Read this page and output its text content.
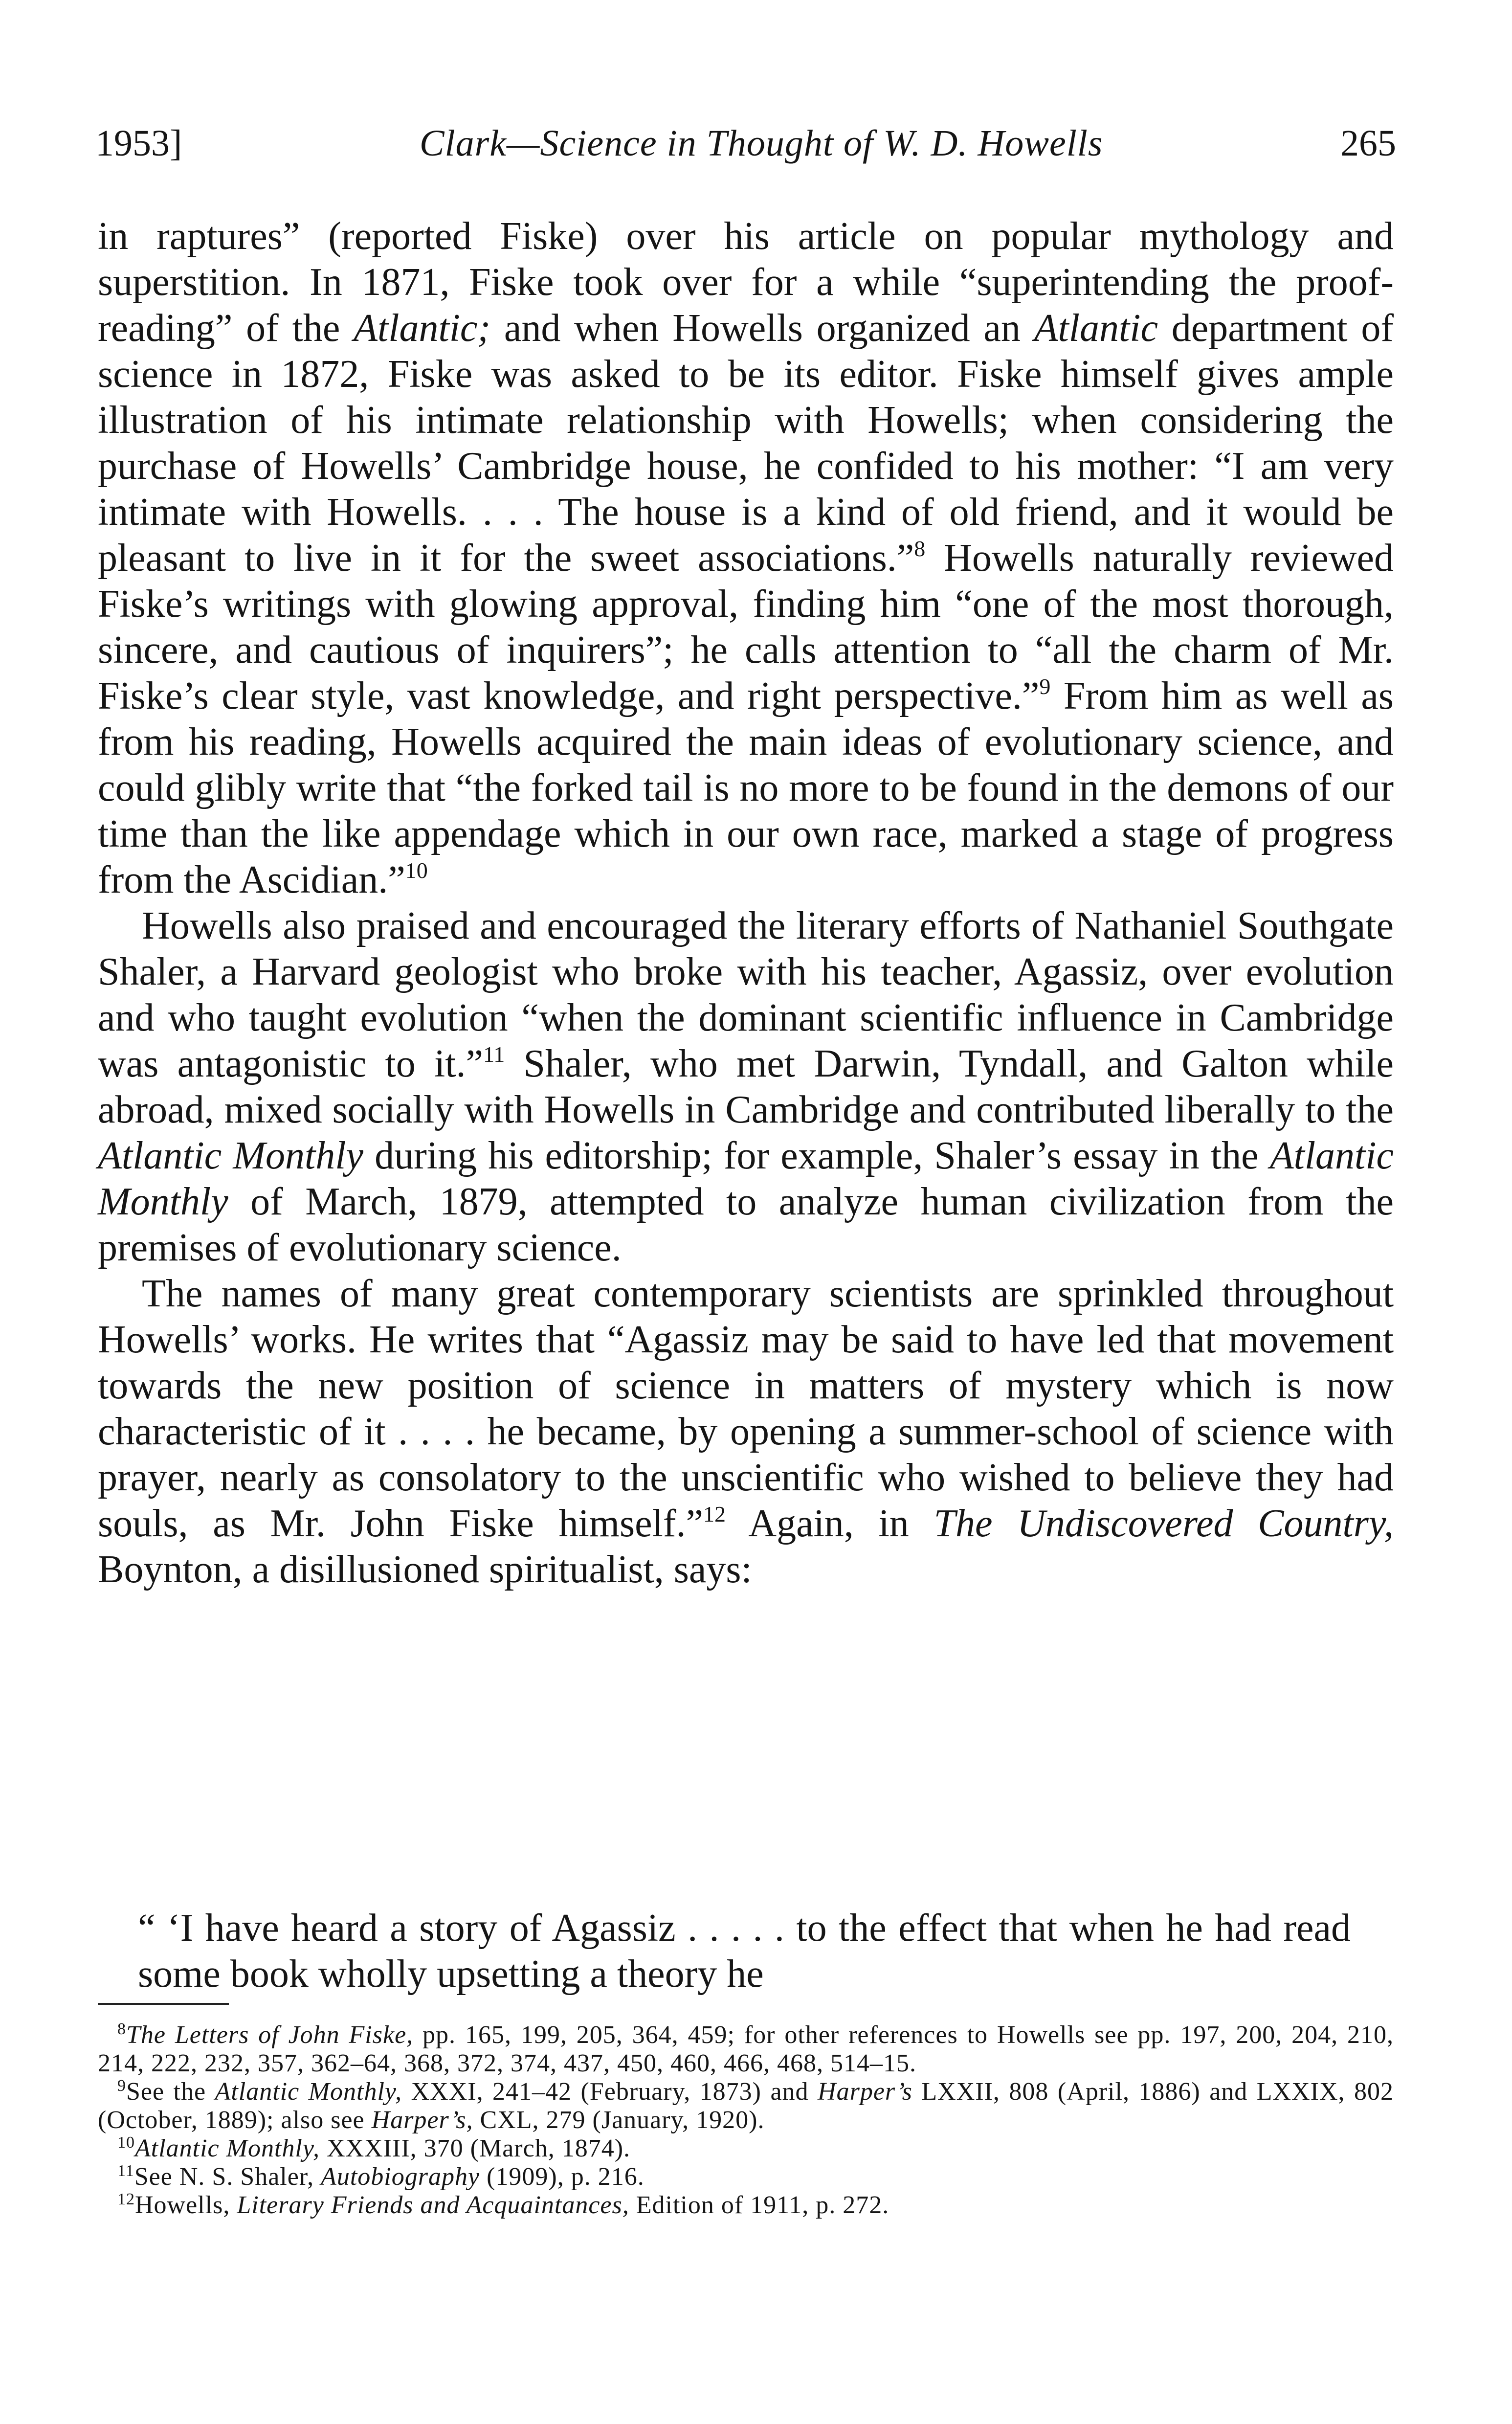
1953]	Clark—Science in Thought of W. D. Howells	265

in raptures” (reported Fiske) over his article on popular mythology and superstition. In 1871, Fiske took over for a while “superintending the proof-reading” of the Atlantic; and when Howells organized an Atlantic department of science in 1872, Fiske was asked to be its editor. Fiske himself gives ample illustration of his intimate relationship with Howells; when considering the purchase of Howells’ Cambridge house, he confided to his mother: “I am very intimate with Howells. . . . The house is a kind of old friend, and it would be pleasant to live in it for the sweet associations.”$^8$ Howells naturally reviewed Fiske’s writings with glowing approval, finding him “one of the most thorough, sincere, and cautious of inquirers”; he calls attention to “all the charm of Mr. Fiske’s clear style, vast knowledge, and right perspective.”$^9$ From him as well as from his reading, Howells acquired the main ideas of evolutionary science, and could glibly write that “the forked tail is no more to be found in the demons of our time than the like appendage which in our own race, marked a stage of progress from the Ascidian.”$^{10}$

Howells also praised and encouraged the literary efforts of Nathaniel Southgate Shaler, a Harvard geologist who broke with his teacher, Agassiz, over evolution and who taught evolution “when the dominant scientific influence in Cambridge was antagonistic to it.”$^{11}$ Shaler, who met Darwin, Tyndall, and Galton while abroad, mixed socially with Howells in Cambridge and contributed liberally to the Atlantic Monthly during his editorship; for example, Shaler’s essay in the Atlantic Monthly of March, 1879, attempted to analyze human civilization from the premises of evolutionary science.

The names of many great contemporary scientists are sprinkled throughout Howells’ works. He writes that “Agassiz may be said to have led that movement towards the new position of science in matters of mystery which is now characteristic of it . . . . he became, by opening a summer-school of science with prayer, nearly as consolatory to the unscientific who wished to believe they had souls, as Mr. John Fiske himself.”$^{12}$ Again, in The Undiscovered Country, Boynton, a disillusioned spiritualist, says:

“ ‘I have heard a story of Agassiz . . . . . to the effect that when he had read some book wholly upsetting a theory he

$^8$The Letters of John Fiske, pp. 165, 199, 205, 364, 459; for other references to Howells see pp. 197, 200, 204, 210, 214, 222, 232, 357, 362–64, 368, 372, 374, 437, 450, 460, 466, 468, 514–15.

$^9$See the Atlantic Monthly, XXXI, 241–42 (February, 1873) and Harper’s LXXII, 808 (April, 1886) and LXXIX, 802 (October, 1889); also see Harper’s, CXL, 279 (January, 1920).

$^{10}$Atlantic Monthly, XXXIII, 370 (March, 1874).

$^{11}$See N. S. Shaler, Autobiography (1909), p. 216.

$^{12}$Howells, Literary Friends and Acquaintances, Edition of 1911, p. 272.
